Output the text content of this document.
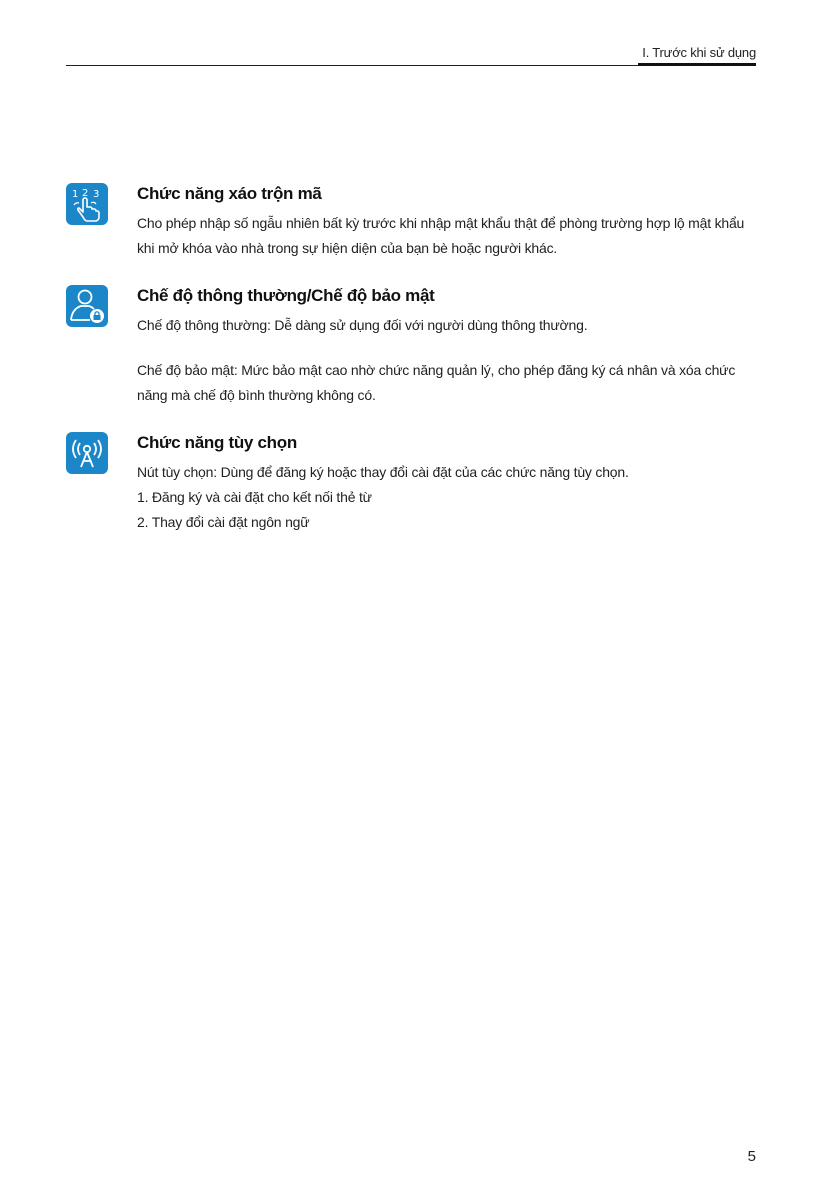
I. Trước khi sử dụng
1 2 3 Chức năng xáo trộn mã

Cho phép nhập số ngẫu nhiên bất kỳ trước khi nhập mật khẩu thật để phòng trường hợp lộ mật khẩu khi mở khóa vào nhà trong sự hiện diện của bạn bè hoặc người khác.

Chế độ thông thường/Chế độ bảo mật

Chế độ thông thường: Dễ dàng sử dụng đối với người dùng thông thường.

Chế độ bảo mật: Mức bảo mật cao nhờ chức năng quản lý, cho phép đăng ký cá nhân và xóa chức năng mà chế độ bình thường không có.

Chức năng tùy chọn

Nút tùy chọn: Dùng để đăng ký hoặc thay đổi cài đặt của các chức năng tùy chọn.

1. Đăng ký và cài đặt cho kết nối thẻ từ

2. Thay đổi cài đặt ngôn ngữ

5
